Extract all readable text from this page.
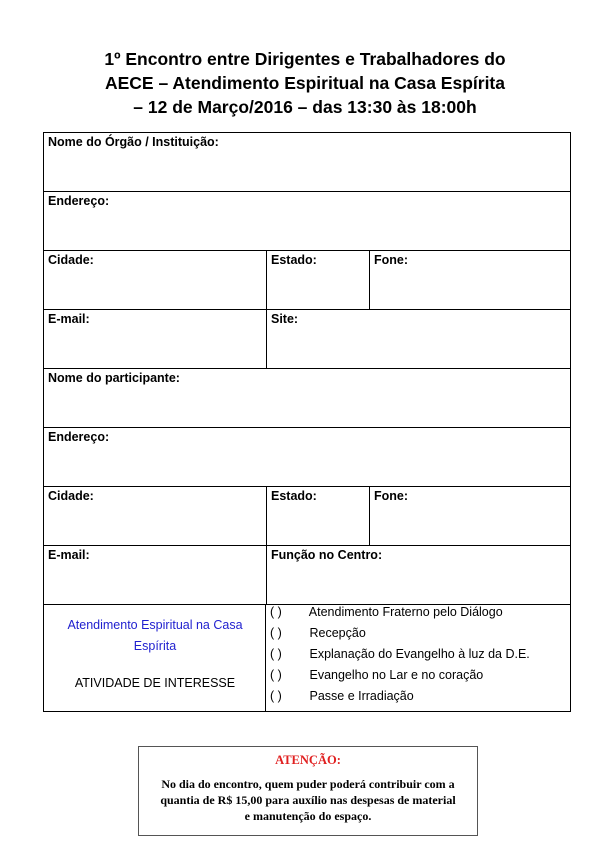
1º Encontro entre Dirigentes e Trabalhadores do
AECE – Atendimento Espiritual na Casa Espírita
– 12 de Março/2016 – das 13:30 às 18:00h
Nome do Órgão / Instituição:
Endereço:
Cidade:	Estado:	Fone:
E-mail:	Site:
Nome do participante:
Endereço:
Cidade:	Estado:	Fone:
E-mail:	Função no Centro:
Atendimento Espiritual na Casa
Espírita
ATIVIDADE DE INTERESSE
( ) Atendimento Fraterno pelo Diálogo
( ) Recepção
( ) Explanação do Evangelho à luz da D.E.
( ) Evangelho no Lar e no coração
( ) Passe e Irradiação
ATENÇÃO:
No dia do encontro, quem puder poderá contribuir com a
quantia de R$ 15,00 para auxílio nas despesas de material
e manutenção do espaço.
